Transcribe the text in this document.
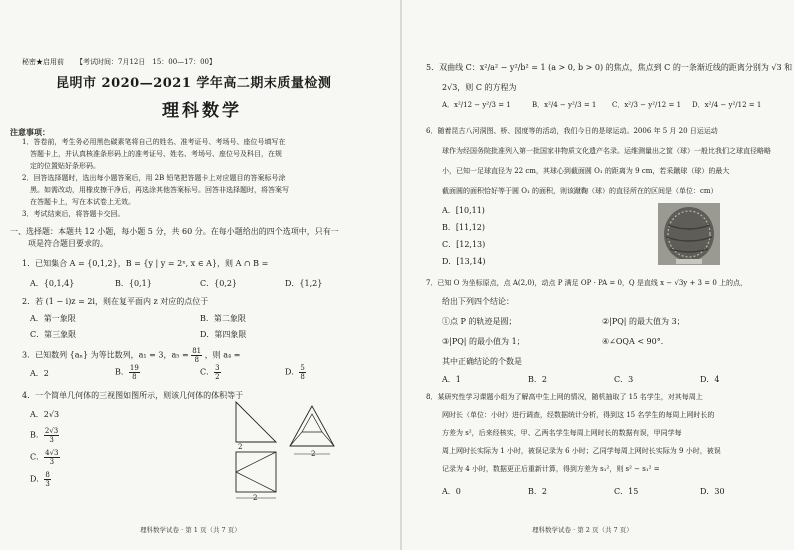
秘密★启用前 【考试时间：7月12日　15：00—17：00】
昆明市 2020—2021 学年高二期末质量检测
理科数学
注意事项：
1．答卷前，考生务必用黑色碳素笔将自己的姓名、准考证号、考场号、座位号填写在
答题卡上，并认真核准条形码上的准考证号、姓名、考场号、座位号及科目，在规
定的位置贴好条形码。
2．回答选择题时，选出每小题答案后，用 2B 铅笔把答题卡上对应题目的答案标号涂
黑。如需改动，用橡皮擦干净后，再选涂其他答案标号。回答非选择题时，将答案写
在答题卡上，写在本试卷上无效。
3．考试结束后，将答题卡交回。
一、选择题：本题共 12 小题，每小题 5 分，共 60 分。在每小题给出的四个选项中，只有一
项是符合题目要求的。
1．已知集合 A = {0,1,2}，B = {y | y = 2ˣ, x ∈ A}，则 A ∩ B =
A．{0,1,4}	B．{0,1}	C．{0,2}	D．{1,2}
2．若 (1 − i)z = 2i，则在复平面内 z 对应的点位于
A．第一象限	B．第二象限
C．第三象限	D．第四象限
3．已知数列 {aₙ} 为等比数列，a₁ = 3，$a_5 = \frac{81}{8}$ ，则 a₄ =
A．2	B． $\frac{19}{8}$	C． $\frac{3}{2}$	D． $\frac{5}{8}$
4．一个简单几何体的三视图如图所示，则该几何体的体积等于
A．2√3
B． $\frac{2√3}{3}$
C． $\frac{4√3}{3}$
D． $\frac{8}{3}$
2
2
2
理科数学试卷 · 第 1 页（共 7 页）
5．双曲线 C：x²/a² − y²/b² = 1 (a > 0, b > 0) 的焦点，焦点到 C 的一条渐近线的距离分别为 √3 和
2√3，则 C 的方程为
A．x²/12 − y²/3 = 1	B．x²/4 − y²/3 = 1 C．x²/3 − y²/12 = 1 D．x²/4 − y²/12 = 1
6．随着昆古八河洞图、桥、园度等的活动，我们今日的是球运动。2006 年 5 月 20 日运运动
球作为经国务院批准列入第一批国家非物质文化遗产名录。运维测量出之筐（球）一般比我们之球直径略略
小，已知一足球直径为 22 cm，其球心到截面圆 O₁ 的距离为 9 cm，若采蹴球（球）的最大
截面圆的面积恰好等于圆 O₁ 的面积，则该蹴鞠（球）的直径所在的区间是（单位：cm）
A．[10,11)
B．[11,12)
C．[12,13)
D．[13,14)
7．已知 O 为坐标原点，点 A(2,0)，动点 P 满足 OP · PA = 0，Q 是直线 x − √3y + 3 = 0 上的点，
给出下列四个结论：
①点 P 的轨迹是圆；	②|PQ| 的最大值为 3；
③|PQ| 的最小值为 1；	④∠OQA < 90°．
其中正确结论的个数是
A．1	B．2	C．3	D．4
8．某研究性学习课题小组为了解高中生上网的情况，随机抽取了 15 名学生，对其每周上
网时长（单位：小时）进行调查，经数据统计分析，得到这 15 名学生的每周上网时长的
方差为 s²，后来经核实，甲、乙两名学生每周上网时长的数据有误，甲同学每
周上网时长实际为 1 小时，被误记录为 6 小时；乙同学每周上网时长实际为 9 小时，被误
记录为 4 小时，数据更正后重新计算，得到方差为 s₁²，则 s² − s₁² =
A．0	B．2	C．15	D．30
理科数学试卷 · 第 2 页（共 7 页）
